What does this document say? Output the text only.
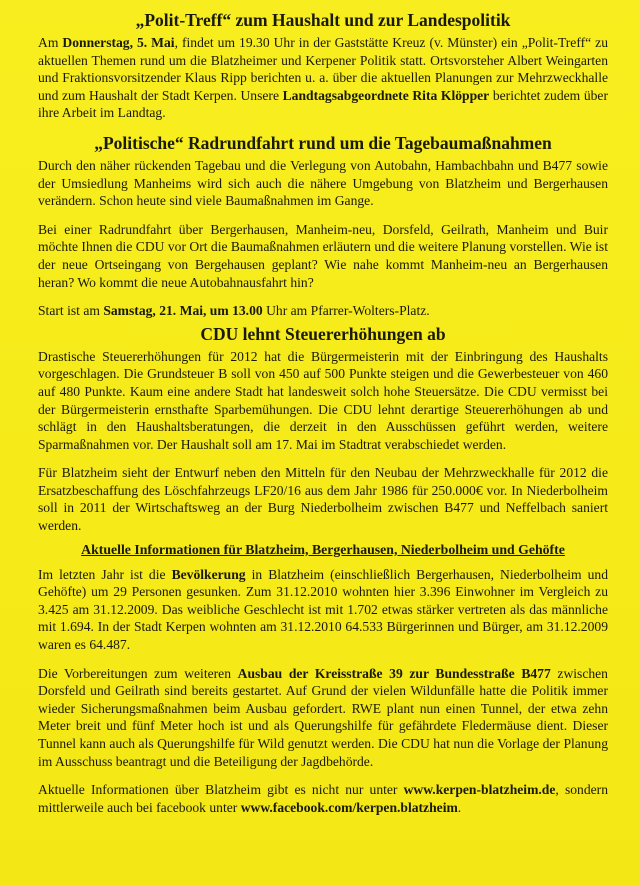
„Polit-Treff“ zum Haushalt und zur Landespolitik

Am Donnerstag, 5. Mai, findet um 19.30 Uhr in der Gaststätte Kreuz (v. Münster) ein „Polit-Treff“ zu aktuellen Themen rund um die Blatzheimer und Kerpener Politik statt. Ortsvorsteher Albert Weingarten und Fraktionsvorsitzender Klaus Ripp berichten u. a. über die aktuellen Planungen zur Mehrzweckhalle und zum Haushalt der Stadt Kerpen. Unsere Landtagsabgeordnete Rita Klöpper berichtet zudem über ihre Arbeit im Landtag.

„Politische“ Radrundfahrt rund um die Tagebaumaßnahmen

Durch den näher rückenden Tagebau und die Verlegung von Autobahn, Hambachbahn und B477 sowie der Umsiedlung Manheims wird sich auch die nähere Umgebung von Blatzheim und Bergerhausen verändern. Schon heute sind viele Baumaßnahmen im Gange.

Bei einer Radrundfahrt über Bergerhausen, Manheim-neu, Dorsfeld, Geilrath, Manheim und Buir möchte Ihnen die CDU vor Ort die Baumaßnahmen erläutern und die weitere Planung vorstellen. Wie ist der neue Ortseingang von Bergehausen geplant? Wie nahe kommt Manheim-neu an Bergerhausen heran? Wo kommt die neue Autobahnausfahrt hin?

Start ist am Samstag, 21. Mai, um 13.00 Uhr am Pfarrer-Wolters-Platz.

CDU lehnt Steuererhöhungen ab

Drastische Steuererhöhungen für 2012 hat die Bürgermeisterin mit der Einbringung des Haushalts vorgeschlagen. Die Grundsteuer B soll von 450 auf 500 Punkte steigen und die Gewerbesteuer von 460 auf 480 Punkte. Kaum eine andere Stadt hat landesweit solch hohe Steuersätze. Die CDU vermisst bei der Bürgermeisterin ernsthafte Sparbemühungen. Die CDU lehnt derartige Steuererhöhungen ab und schlägt in den Haushaltsberatungen, die derzeit in den Ausschüssen geführt werden, weitere Sparmaßnahmen vor. Der Haushalt soll am 17. Mai im Stadtrat verabschiedet werden.

Für Blatzheim sieht der Entwurf neben den Mitteln für den Neubau der Mehrzweckhalle für 2012 die Ersatzbeschaffung des Löschfahrzeugs LF20/16 aus dem Jahr 1986 für 250.000€ vor. In Niederbolheim soll in 2011 der Wirtschaftsweg an der Burg Niederbolheim zwischen B477 und Neffelbach saniert werden.

Aktuelle Informationen für Blatzheim, Bergerhausen, Niederbolheim und Gehöfte

Im letzten Jahr ist die Bevölkerung in Blatzheim (einschließlich Bergerhausen, Niederbolheim und Gehöfte) um 29 Personen gesunken. Zum 31.12.2010 wohnten hier 3.396 Einwohner im Vergleich zu 3.425 am 31.12.2009. Das weibliche Geschlecht ist mit 1.702 etwas stärker vertreten als das männliche mit 1.694. In der Stadt Kerpen wohnten am 31.12.2010 64.533 Bürgerinnen und Bürger, am 31.12.2009 waren es 64.487.

Die Vorbereitungen zum weiteren Ausbau der Kreisstraße 39 zur Bundesstraße B477 zwischen Dorsfeld und Geilrath sind bereits gestartet. Auf Grund der vielen Wildunfälle hatte die Politik immer wieder Sicherungsmaßnahmen beim Ausbau gefordert. RWE plant nun einen Tunnel, der etwa zehn Meter breit und fünf Meter hoch ist und als Querungshilfe für gefährdete Fledermäuse dient. Dieser Tunnel kann auch als Querungshilfe für Wild genutzt werden. Die CDU hat nun die Vorlage der Planung im Ausschuss beantragt und die Beteiligung der Jagdbehörde.

Aktuelle Informationen über Blatzheim gibt es nicht nur unter www.kerpen-blatzheim.de, sondern mittlerweile auch bei facebook unter www.facebook.com/kerpen.blatzheim.
